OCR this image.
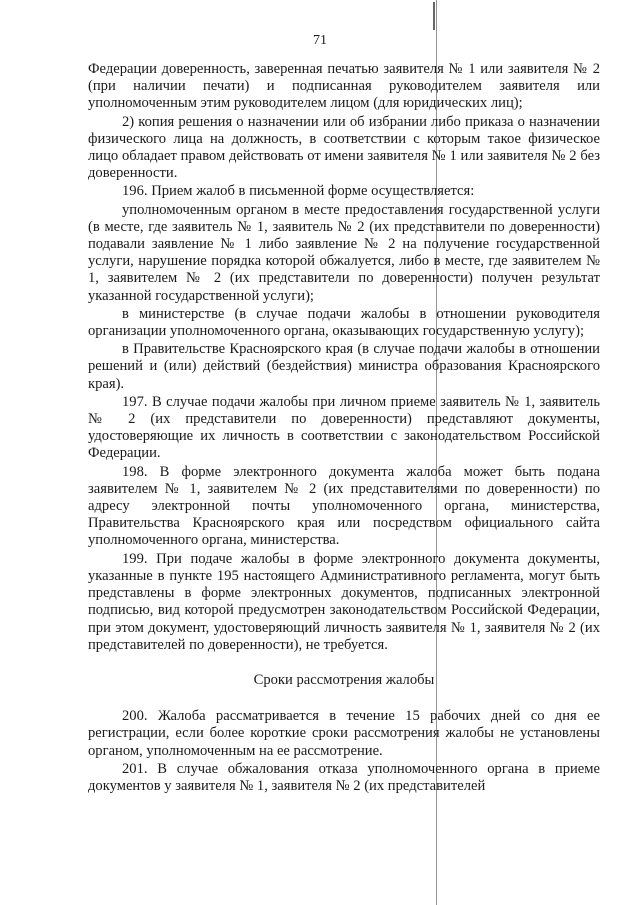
71

Федерации доверенность, заверенная печатью заявителя № 1 или заявителя № 2 (при наличии печати) и подписанная руководителем заявителя или уполномоченным этим руководителем лицом (для юридических лиц);

2) копия решения о назначении или об избрании либо приказа о назначении физического лица на должность, в соответствии с которым такое физическое лицо обладает правом действовать от имени заявителя № 1 или заявителя № 2 без доверенности.

196. Прием жалоб в письменной форме осуществляется:

уполномоченным органом в месте предоставления государственной услуги (в месте, где заявитель № 1, заявитель № 2 (их представители по доверенности) подавали заявление № 1 либо заявление № 2 на получение государственной услуги, нарушение порядка которой обжалуется, либо в месте, где заявителем № 1, заявителем № 2 (их представители по доверенности) получен результат указанной государственной услуги);

в министерстве (в случае подачи жалобы в отношении руководителя организации уполномоченного органа, оказывающих государственную услугу);

в Правительстве Красноярского края (в случае подачи жалобы в отношении решений и (или) действий (бездействия) министра образования Красноярского края).

197. В случае подачи жалобы при личном приеме заявитель № 1, заявитель № 2 (их представители по доверенности) представляют документы, удостоверяющие их личность в соответствии с законодательством Российской Федерации.

198. В форме электронного документа жалоба может быть подана заявителем № 1, заявителем № 2 (их представителями по доверенности) по адресу электронной почты уполномоченного органа, министерства, Правительства Красноярского края или посредством официального сайта уполномоченного органа, министерства.

199. При подаче жалобы в форме электронного документа документы, указанные в пункте 195 настоящего Административного регламента, могут быть представлены в форме электронных документов, подписанных электронной подписью, вид которой предусмотрен законодательством Российской Федерации, при этом документ, удостоверяющий личность заявителя № 1, заявителя № 2 (их представителей по доверенности), не требуется.

Сроки рассмотрения жалобы

200. Жалоба рассматривается в течение 15 рабочих дней со дня ее регистрации, если более короткие сроки рассмотрения жалобы не установлены органом, уполномоченным на ее рассмотрение.

201. В случае обжалования отказа уполномоченного органа в приеме документов у заявителя № 1, заявителя № 2 (их представителей
